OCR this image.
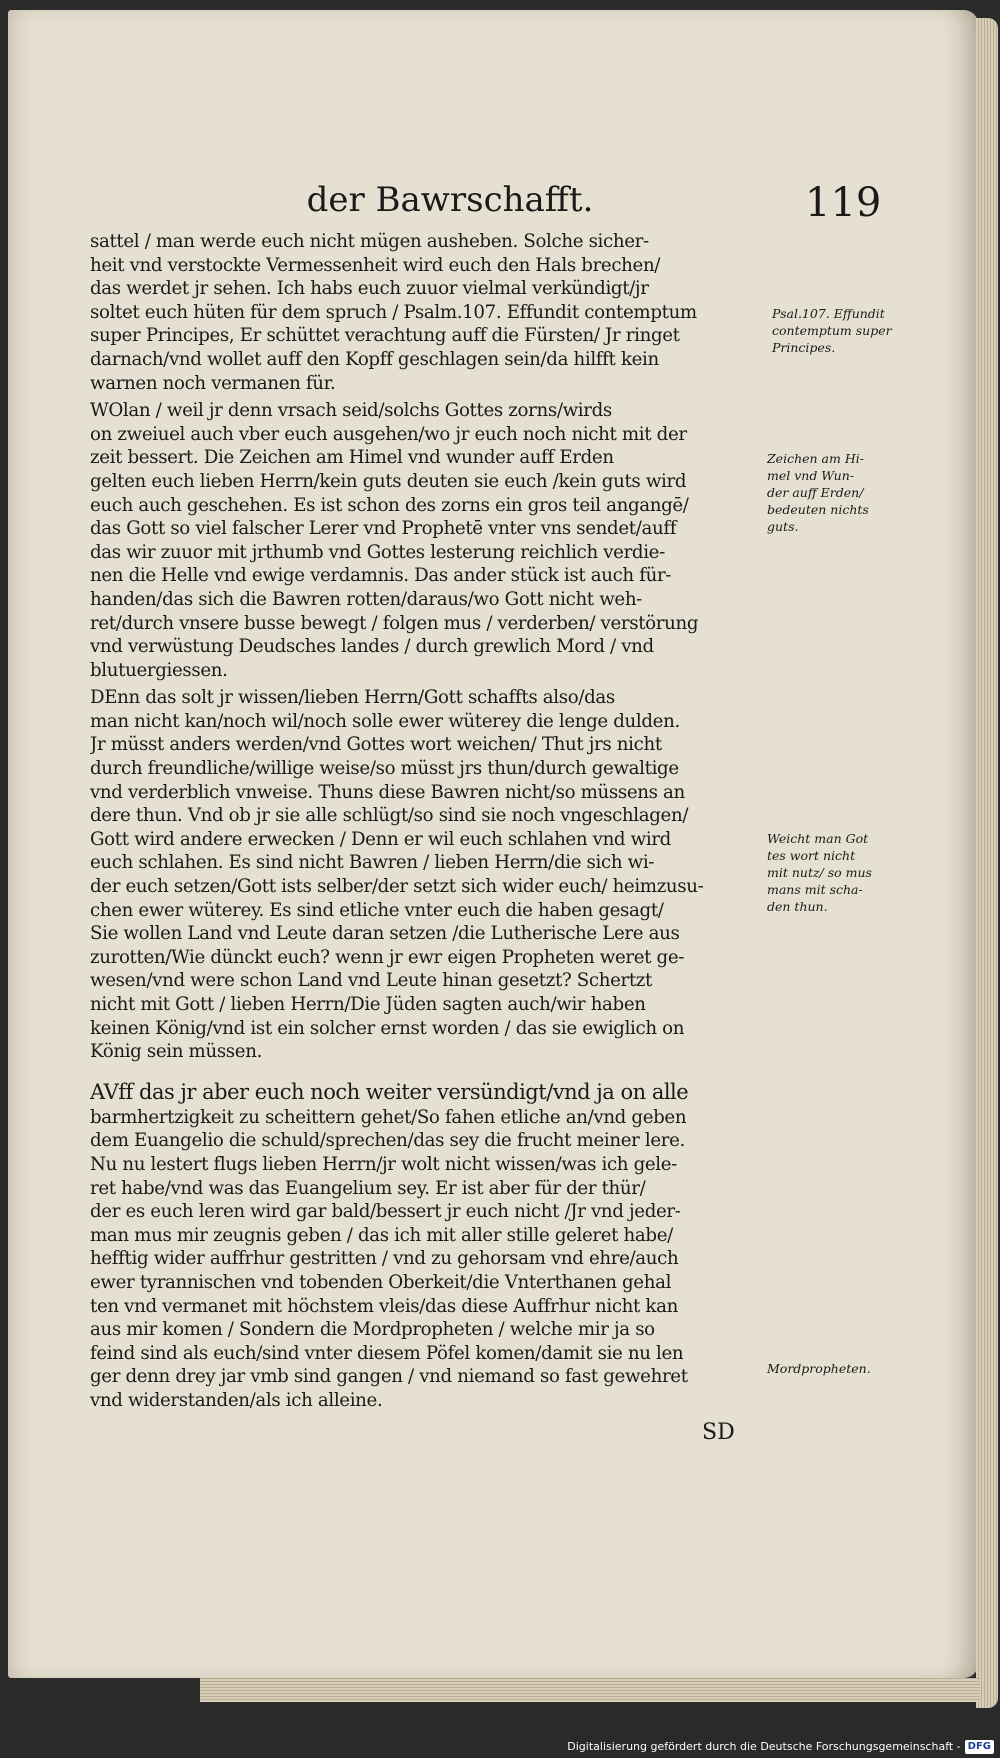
der Bawrschafft.	119
sattel / man werde euch nicht mügen ausheben. Solche sicher-
heit vnd verstockte Vermessenheit wird euch den Hals brechen/
das werdet jr sehen. Ich habs euch zuuor vielmal verkündigt/jr
soltet euch hüten für dem spruch / Psalm.107. Effundit contemptum
super Principes, Er schüttet verachtung auff die Fürsten/ Jr ringet
darnach/vnd wollet auff den Kopff geschlagen sein/da hilfft kein
warnen noch vermanen für.
WOlan / weil jr denn vrsach seid/solchs Gottes zorns/wirds
on zweiuel auch vber euch ausgehen/wo jr euch noch nicht mit der
zeit bessert. Die Zeichen am Himel vnd wunder auff Erden
gelten euch lieben Herrn/kein guts deuten sie euch /kein guts wird
euch auch geschehen. Es ist schon des zorns ein gros teil angangē/
das Gott so viel falscher Lerer vnd Prophetē vnter vns sendet/auff
das wir zuuor mit jrthumb vnd Gottes lesterung reichlich verdie-
nen die Helle vnd ewige verdamnis. Das ander stück ist auch für-
handen/das sich die Bawren rotten/daraus/wo Gott nicht weh-
ret/durch vnsere busse bewegt / folgen mus / verderben/ verstörung
vnd verwüstung Deudsches landes / durch grewlich Mord / vnd
blutuergiessen.
DEnn das solt jr wissen/lieben Herrn/Gott schaffts also/das
man nicht kan/noch wil/noch solle ewer wüterey die lenge dulden.
Jr müsst anders werden/vnd Gottes wort weichen/ Thut jrs nicht
durch freundliche/willige weise/so müsst jrs thun/durch gewaltige
vnd verderblich vnweise. Thuns diese Bawren nicht/so müssens an
dere thun. Vnd ob jr sie alle schlügt/so sind sie noch vngeschlagen/
Gott wird andere erwecken / Denn er wil euch schlahen vnd wird
euch schlahen. Es sind nicht Bawren / lieben Herrn/die sich wi-
der euch setzen/Gott ists selber/der setzt sich wider euch/ heimzusu-
chen ewer wüterey. Es sind etliche vnter euch die haben gesagt/
Sie wollen Land vnd Leute daran setzen /die Lutherische Lere aus
zurotten/Wie dünckt euch? wenn jr ewr eigen Propheten weret ge-
wesen/vnd were schon Land vnd Leute hinan gesetzt? Schertzt
nicht mit Gott / lieben Herrn/Die Jüden sagten auch/wir haben
keinen König/vnd ist ein solcher ernst worden / das sie ewiglich on
König sein müssen.
AVff das jr aber euch noch weiter versündigt/vnd ja on alle
barmhertzigkeit zu scheittern gehet/So fahen etliche an/vnd geben
dem Euangelio die schuld/sprechen/das sey die frucht meiner lere.
Nu nu lestert flugs lieben Herrn/jr wolt nicht wissen/was ich gele-
ret habe/vnd was das Euangelium sey. Er ist aber für der thür/
der es euch leren wird gar bald/bessert jr euch nicht /Jr vnd jeder-
man mus mir zeugnis geben / das ich mit aller stille geleret habe/
hefftig wider auffrhur gestritten / vnd zu gehorsam vnd ehre/auch
ewer tyrannischen vnd tobenden Oberkeit/die Vnterthanen gehal
ten vnd vermanet mit höchstem vleis/das diese Auffrhur nicht kan
aus mir komen / Sondern die Mordpropheten / welche mir ja so
feind sind als euch/sind vnter diesem Pöfel komen/damit sie nu len
ger denn drey jar vmb sind gangen / vnd niemand so fast gewehret
vnd widerstanden/als ich alleine.
SD
Psal.107. Effundit
contemptum super
Principes.
Zeichen am Hi-
mel vnd Wun-
der auff Erden/
bedeuten nichts
guts.
Weicht man Got
tes wort nicht
mit nutz/ so mus
mans mit scha-
den thun.
Mordpropheten.
Digitalisierung gefördert durch die Deutsche Forschungsgemeinschaft - DFG
